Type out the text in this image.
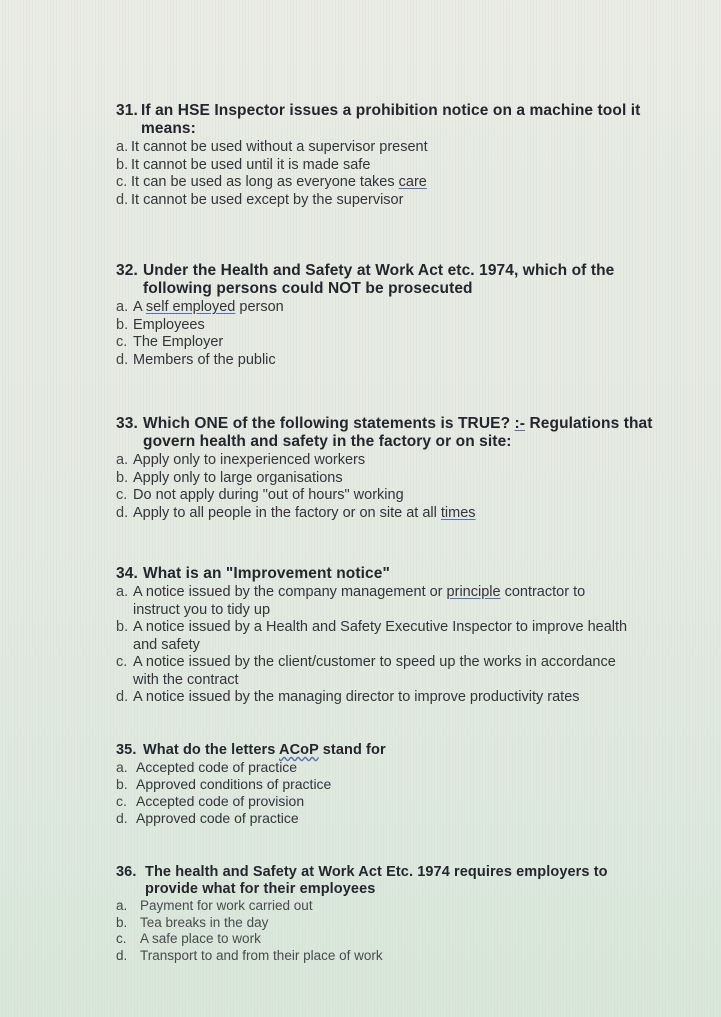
31. If an HSE Inspector issues a prohibition notice on a machine tool it
means:
a. It cannot be used without a supervisor present
b. It cannot be used until it is made safe
c. It can be used as long as everyone takes care
d. It cannot be used except by the supervisor
32. Under the Health and Safety at Work Act etc. 1974, which of the
following persons could NOT be prosecuted
a. A self employed person
b. Employees
c. The Employer
d. Members of the public
33. Which ONE of the following statements is TRUE? :- Regulations that
govern health and safety in the factory or on site:
a. Apply only to inexperienced workers
b. Apply only to large organisations
c. Do not apply during "out of hours" working
d. Apply to all people in the factory or on site at all times
34. What is an "Improvement notice"
a. A notice issued by the company management or principle contractor to
instruct you to tidy up
b. A notice issued by a Health and Safety Executive Inspector to improve health
and safety
c. A notice issued by the client/customer to speed up the works in accordance
with the contract
d. A notice issued by the managing director to improve productivity rates
35. What do the letters ACoP stand for
a. Accepted code of practice
b. Approved conditions of practice
c. Accepted code of provision
d. Approved code of practice
36. The health and Safety at Work Act Etc. 1974 requires employers to
provide what for their employees
a. Payment for work carried out
b. Tea breaks in the day
c. A safe place to work
d. Transport to and from their place of work
